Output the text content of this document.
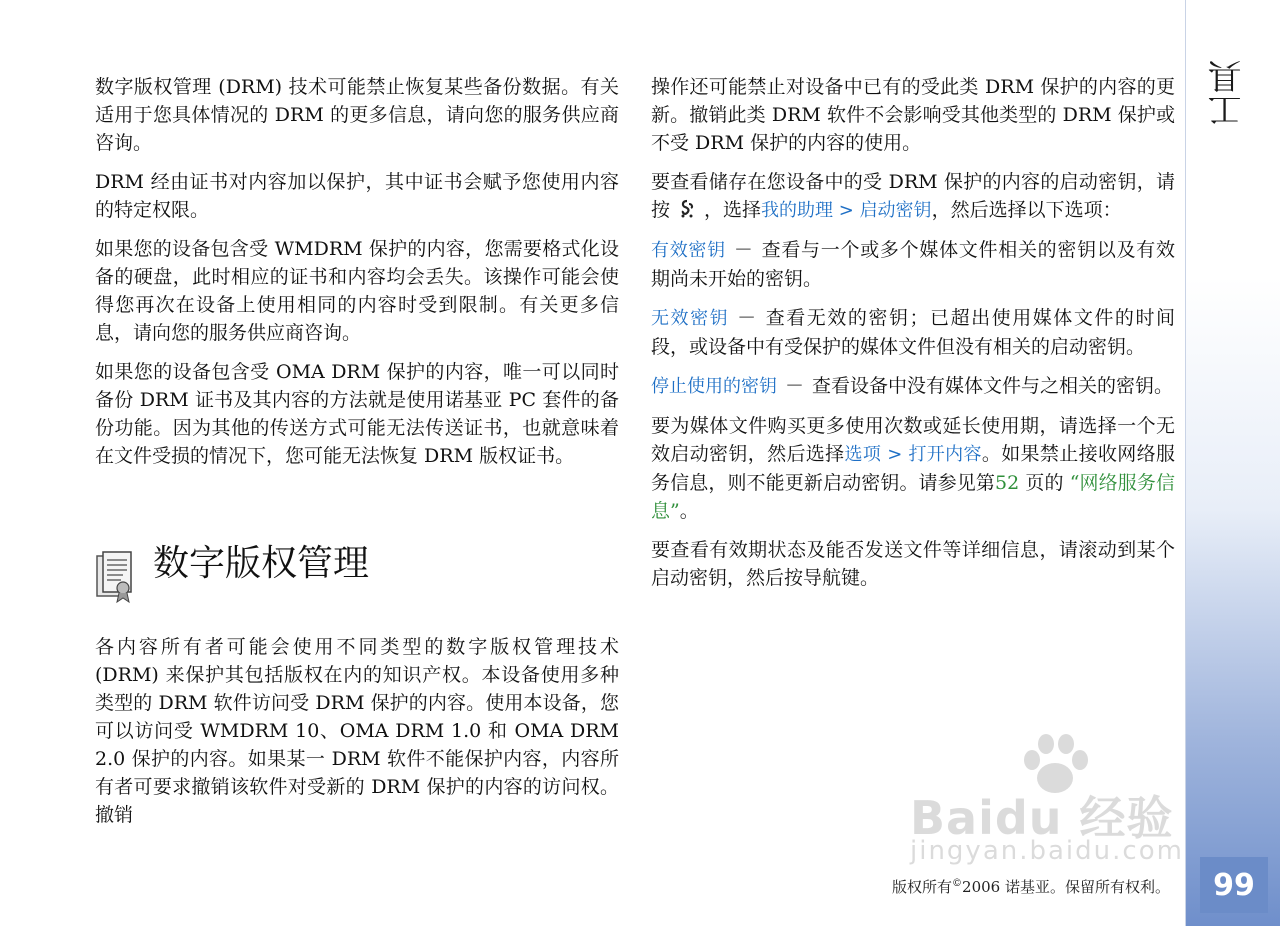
数字版权管理 (DRM) 技术可能禁止恢复某些备份数据。有关适用于您具体情况的 DRM 的更多信息，请向您的服务供应商咨询。

DRM 经由证书对内容加以保护，其中证书会赋予您使用内容的特定权限。

如果您的设备包含受 WMDRM 保护的内容，您需要格式化设备的硬盘，此时相应的证书和内容均会丢失。该操作可能会使得您再次在设备上使用相同的内容时受到限制。有关更多信息，请向您的服务供应商咨询。

如果您的设备包含受 OMA DRM 保护的内容，唯一可以同时备份 DRM 证书及其内容的方法就是使用诺基亚 PC 套件的备份功能。因为其他的传送方式可能无法传送证书，也就意味着在文件受损的情况下，您可能无法恢复 DRM 版权证书。

数字版权管理

各内容所有者可能会使用不同类型的数字版权管理技术 (DRM) 来保护其包括版权在内的知识产权。本设备使用多种类型的 DRM 软件访问受 DRM 保护的内容。使用本设备，您可以访问受 WMDRM 10、OMA DRM 1.0 和 OMA DRM 2.0 保护的内容。如果某一 DRM 软件不能保护内容，内容所有者可要求撤销该软件对受新的 DRM 保护的内容的访问权。撤销

操作还可能禁止对设备中已有的受此类 DRM 保护的内容的更新。撤销此类 DRM 软件不会影响受其他类型的 DRM 保护或不受 DRM 保护的内容的使用。

要查看储存在您设备中的受 DRM 保护的内容的启动密钥，请按 ，选择我的助理 > 启动密钥，然后选择以下选项：

有效密钥 － 查看与一个或多个媒体文件相关的密钥以及有效期尚未开始的密钥。

无效密钥 － 查看无效的密钥；已超出使用媒体文件的时间段，或设备中有受保护的媒体文件但没有相关的启动密钥。

停止使用的密钥 － 查看设备中没有媒体文件与之相关的密钥。

要为媒体文件购买更多使用次数或延长使用期，请选择一个无效启动密钥，然后选择选项 > 打开内容。如果禁止接收网络服务信息，则不能更新启动密钥。请参见第52 页的 “网络服务信息”。

要查看有效期状态及能否发送文件等详细信息，请滚动到某个启动密钥，然后按导航键。

工具
Baidu 经验
jingyan.baidu.com
版权所有©2006 诺基亚。保留所有权利。 99
